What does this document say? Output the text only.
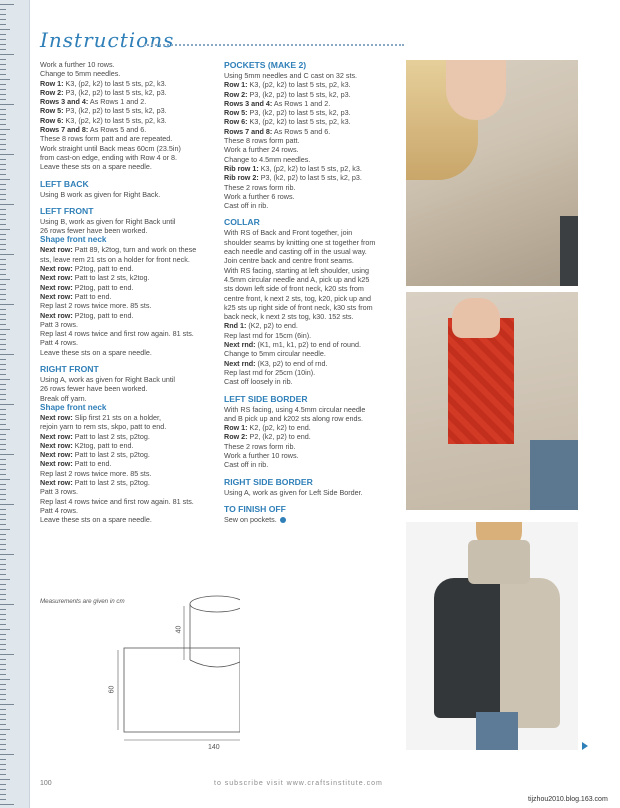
Instructions

Work a further 10 rows.

Change to 5mm needles.

Row 1: K3, (p2, k2) to last 5 sts, p2, k3.

Row 2: P3, (k2, p2) to last 5 sts, k2, p3.

Rows 3 and 4: As Rows 1 and 2.

Row 5: P3, (k2, p2) to last 5 sts, k2, p3.

Row 6: K3, (p2, k2) to last 5 sts, p2, k3.

Rows 7 and 8: As Rows 5 and 6.

These 8 rows form patt and are repeated.

Work straight until Back meas 60cm (23.5in)

from cast-on edge, ending with Row 4 or 8.

Leave these sts on a spare needle.

LEFT BACK

Using B work as given for Right Back.

LEFT FRONT

Using B, work as given for Right Back until

26 rows fewer have been worked.

Shape front neck

Next row: Patt 89, k2tog, turn and work on these

sts, leave rem 21 sts on a holder for front neck.

Next row: P2tog, patt to end.

Next row: Patt to last 2 sts, k2tog.

Next row: P2tog, patt to end.

Next row: Patt to end.

Rep last 2 rows twice more. 85 sts.

Next row: P2tog, patt to end.

Patt 3 rows.

Rep last 4 rows twice and first row again. 81 sts.

Patt 4 rows.

Leave these sts on a spare needle.

RIGHT FRONT

Using A, work as given for Right Back until

26 rows fewer have been worked.

Break off yarn.

Shape front neck

Next row: Slip first 21 sts on a holder,

rejoin yarn to rem sts, skpo, patt to end.

Next row: Patt to last 2 sts, p2tog.

Next row: K2tog, patt to end.

Next row: Patt to last 2 sts, p2tog.

Next row: Patt to end.

Rep last 2 rows twice more. 85 sts.

Next row: Patt to last 2 sts, p2tog.

Patt 3 rows.

Rep last 4 rows twice and first row again. 81 sts.

Patt 4 rows.

Leave these sts on a spare needle.

POCKETS (MAKE 2)

Using 5mm needles and C cast on 32 sts.

Row 1: K3, (p2, k2) to last 5 sts, p2, k3.

Row 2: P3, (k2, p2) to last 5 sts, k2, p3.

Rows 3 and 4: As Rows 1 and 2.

Row 5: P3, (k2, p2) to last 5 sts, k2, p3.

Row 6: K3, (p2, k2) to last 5 sts, p2, k3.

Rows 7 and 8: As Rows 5 and 6.

These 8 rows form patt.

Work a further 24 rows.

Change to 4.5mm needles.

Rib row 1: K3, (p2, k2) to last 5 sts, p2, k3.

Rib row 2: P3, (k2, p2) to last 5 sts, k2, p3.

These 2 rows form rib.

Work a further 6 rows.

Cast off in rib.

COLLAR

With RS of Back and Front together, join

shoulder seams by knitting one st together from

each needle and casting off in the usual way.

Join centre back and centre front seams.

With RS facing, starting at left shoulder, using

4.5mm circular needle and A, pick up and k25

sts down left side of front neck, k20 sts from

centre front, k next 2 sts, tog, k20, pick up and

k25 sts up right side of front neck, k30 sts from

back neck, k next 2 sts tog, k30. 152 sts.

Rnd 1: (K2, p2) to end.

Rep last rnd for 15cm (6in).

Next rnd: (K1, m1, k1, p2) to end of round.

Change to 5mm circular needle.

Next rnd: (K3, p2) to end of rnd.

Rep last rnd for 25cm (10in).

Cast off loosely in rib.

LEFT SIDE BORDER

With RS facing, using 4.5mm circular needle

and B pick up and k202 sts along row ends.

Row 1: K2, (p2, k2) to end.

Row 2: P2, (k2, p2) to end.

These 2 rows form rib.

Work a further 10 rows.

Cast off in rib.

RIGHT SIDE BORDER

Using A, work as given for Left Side Border.

TO FINISH OFF

Sew on pockets.

Measurements are given in cm
40
60
140
100	to subscribe visit www.craftsinstitute.com
tijzhou2010.blog.163.com
